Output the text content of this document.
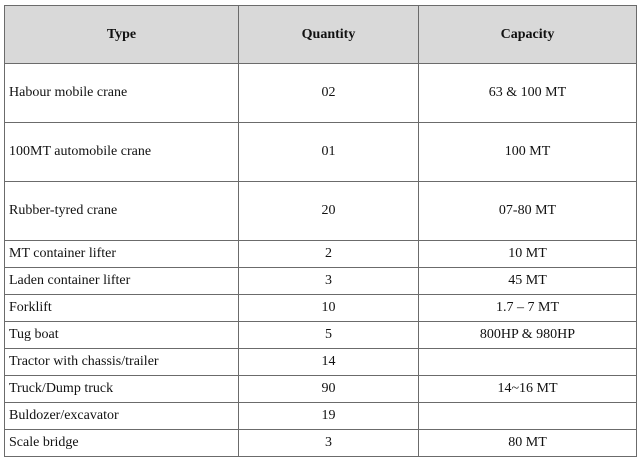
Type	Quantity	Capacity
Habour mobile crane	02	63 & 100 MT
100MT automobile crane	01	100 MT
Rubber-tyred crane	20	07-80 MT
MT container lifter	2	10 MT
Laden container lifter	3	45 MT
Forklift	10	1.7 – 7 MT
Tug boat	5	800HP & 980HP
Tractor with chassis/trailer	14	
Truck/Dump truck	90	14~16 MT
Buldozer/excavator	19	
Scale bridge	3	80 MT
